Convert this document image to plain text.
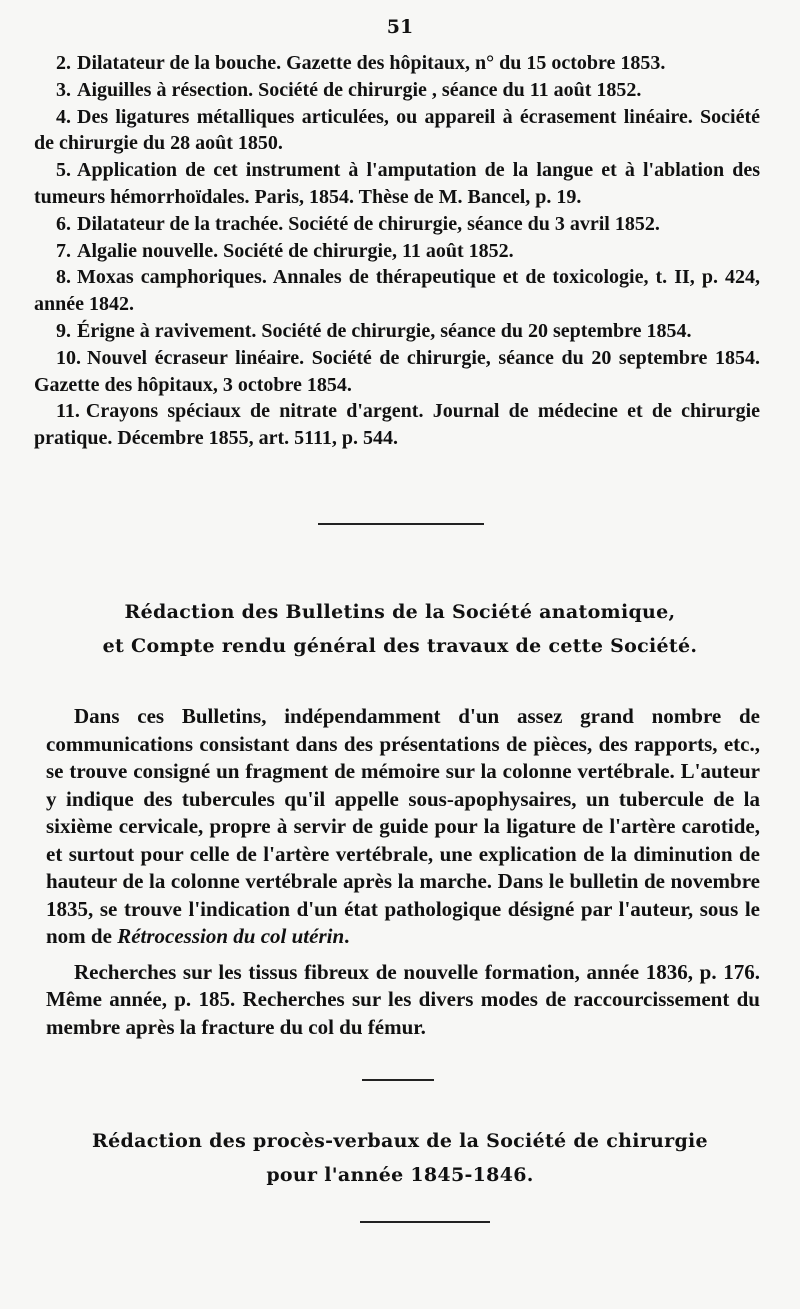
51

2. Dilatateur de la bouche. Gazette des hôpitaux, n° du 15 octobre 1853.

3. Aiguilles à résection. Société de chirurgie , séance du 11 août 1852.

4. Des ligatures métalliques articulées, ou appareil à écrasement linéaire. Société de chirurgie du 28 août 1850.

5. Application de cet instrument à l'amputation de la langue et à l'ablation des tumeurs hémorrhoïdales. Paris, 1854. Thèse de M. Bancel, p. 19.

6. Dilatateur de la trachée. Société de chirurgie, séance du 3 avril 1852.

7. Algalie nouvelle. Société de chirurgie, 11 août 1852.

8. Moxas camphoriques. Annales de thérapeutique et de toxicologie, t. II, p. 424, année 1842.

9. Érigne à ravivement. Société de chirurgie, séance du 20 septembre 1854.

10. Nouvel écraseur linéaire. Société de chirurgie, séance du 20 septembre 1854. Gazette des hôpitaux, 3 octobre 1854.

11. Crayons spéciaux de nitrate d'argent. Journal de médecine et de chirurgie pratique. Décembre 1855, art. 5111, p. 544.

Rédaction des Bulletins de la Société anatomique,
et Compte rendu général des travaux de cette Société.

Dans ces Bulletins, indépendamment d'un assez grand nombre de communications consistant dans des présentations de pièces, des rapports, etc., se trouve consigné un fragment de mémoire sur la colonne vertébrale. L'auteur y indique des tubercules qu'il appelle sous-apophysaires, un tubercule de la sixième cervicale, propre à servir de guide pour la ligature de l'artère carotide, et surtout pour celle de l'artère vertébrale, une explication de la diminution de hauteur de la colonne vertébrale après la marche. Dans le bulletin de novembre 1835, se trouve l'indication d'un état pathologique désigné par l'auteur, sous le nom de Rétrocession du col utérin.

Recherches sur les tissus fibreux de nouvelle formation, année 1836, p. 176. Même année, p. 185. Recherches sur les divers modes de raccourcissement du membre après la fracture du col du fémur.

Rédaction des procès-verbaux de la Société de chirurgie
pour l'année 1845-1846.
